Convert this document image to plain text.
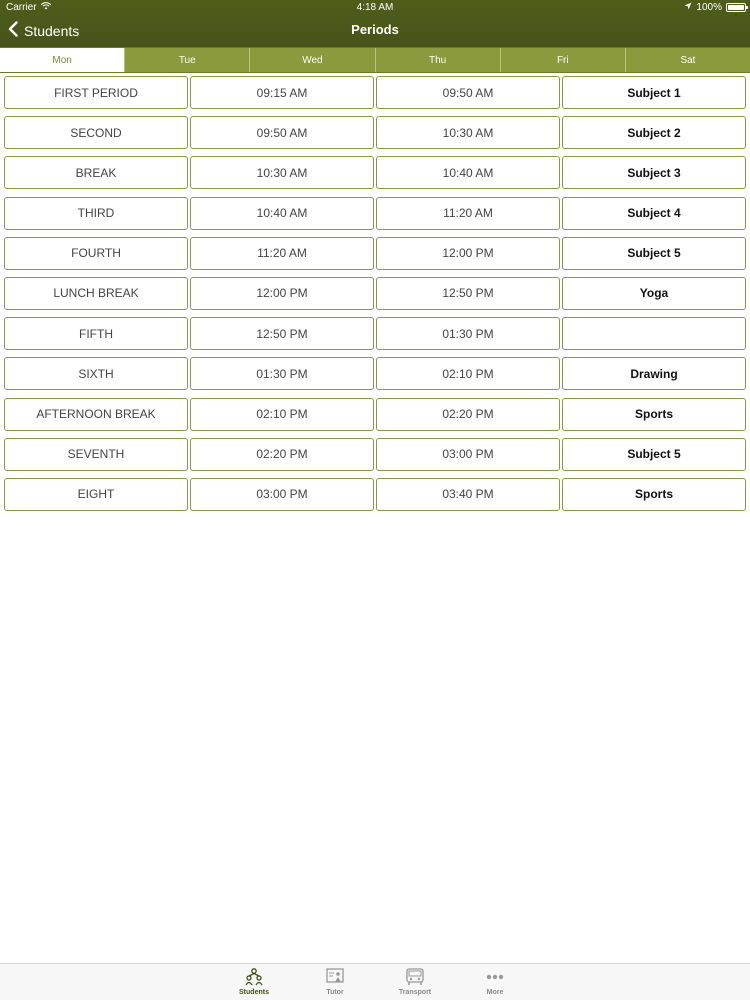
Carrier	4:18 AM	100%
Students	Periods
Mon	Tue	Wed	Thu	Fri	Sat
FIRST PERIOD	09:15 AM	09:50 AM	Subject 1
SECOND	09:50 AM	10:30 AM	Subject 2
BREAK	10:30 AM	10:40 AM	Subject 3
THIRD	10:40 AM	11:20 AM	Subject 4
FOURTH	11:20 AM	12:00 PM	Subject 5
LUNCH BREAK	12:00 PM	12:50 PM	Yoga
FIFTH	12:50 PM	01:30 PM
SIXTH	01:30 PM	02:10 PM	Drawing
AFTERNOON BREAK	02:10 PM	02:20 PM	Sports
SEVENTH	02:20 PM	03:00 PM	Subject 5
EIGHT	03:00 PM	03:40 PM	Sports
Students	Tutor	Transport	More
